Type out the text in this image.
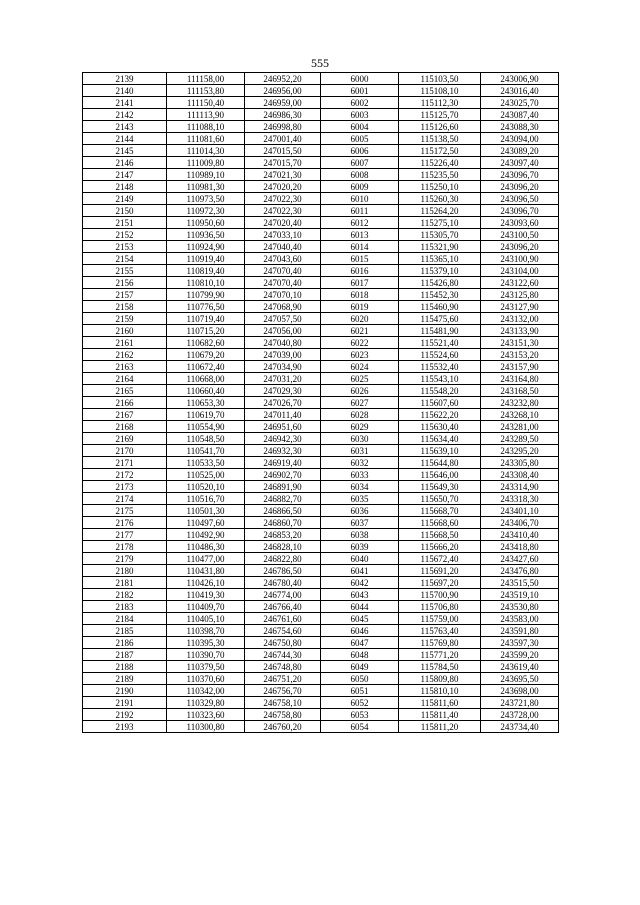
555
2139	111158,00	246952,20	6000	115103,50	243006,90
2140	111153,80	246956,00	6001	115108,10	243016,40
2141	111150,40	246959,00	6002	115112,30	243025,70
2142	111113,90	246986,30	6003	115125,70	243087,40
2143	111088,10	246998,80	6004	115126,60	243088,30
2144	111081,60	247001,40	6005	115138,50	243094,00
2145	111014,30	247015,50	6006	115172,50	243089,20
2146	111009,80	247015,70	6007	115226,40	243097,40
2147	110989,10	247021,30	6008	115235,50	243096,70
2148	110981,30	247020,20	6009	115250,10	243096,20
2149	110973,50	247022,30	6010	115260,30	243096,50
2150	110972,30	247022,30	6011	115264,20	243096,70
2151	110950,60	247020,40	6012	115275,10	243093,60
2152	110936,50	247033,10	6013	115305,70	243100,50
2153	110924,90	247040,40	6014	115321,90	243096,20
2154	110919,40	247043,60	6015	115365,10	243100,90
2155	110819,40	247070,40	6016	115379,10	243104,00
2156	110810,10	247070,40	6017	115426,80	243122,60
2157	110799,90	247070,10	6018	115452,30	243125,80
2158	110776,50	247068,90	6019	115460,90	243127,90
2159	110719,40	247057,50	6020	115475,60	243132,00
2160	110715,20	247056,00	6021	115481,90	243133,90
2161	110682,60	247040,80	6022	115521,40	243151,30
2162	110679,20	247039,00	6023	115524,60	243153,20
2163	110672,40	247034,90	6024	115532,40	243157,90
2164	110668,00	247031,20	6025	115543,10	243164,80
2165	110660,40	247029,30	6026	115548,20	243168,50
2166	110653,30	247026,70	6027	115607,60	243232,80
2167	110619,70	247011,40	6028	115622,20	243268,10
2168	110554,90	246951,60	6029	115630,40	243281,00
2169	110548,50	246942,30	6030	115634,40	243289,50
2170	110541,70	246932,30	6031	115639,10	243295,20
2171	110533,50	246919,40	6032	115644,80	243305,80
2172	110525,00	246902,70	6033	115646,00	243308,40
2173	110520,10	246891,90	6034	115649,30	243314,90
2174	110516,70	246882,70	6035	115650,70	243318,30
2175	110501,30	246866,50	6036	115668,70	243401,10
2176	110497,60	246860,70	6037	115668,60	243406,70
2177	110492,90	246853,20	6038	115668,50	243410,40
2178	110486,30	246828,10	6039	115666,20	243418,80
2179	110477,00	246822,80	6040	115672,40	243427,60
2180	110431,80	246786,50	6041	115691,20	243476,80
2181	110426,10	246780,40	6042	115697,20	243515,50
2182	110419,30	246774,00	6043	115700,90	243519,10
2183	110409,70	246766,40	6044	115706,80	243530,80
2184	110405,10	246761,60	6045	115759,00	243583,00
2185	110398,70	246754,60	6046	115763,40	243591,80
2186	110395,30	246750,80	6047	115769,80	243597,30
2187	110390,70	246744,30	6048	115771,20	243599,20
2188	110379,50	246748,80	6049	115784,50	243619,40
2189	110370,60	246751,20	6050	115809,80	243695,50
2190	110342,00	246756,70	6051	115810,10	243698,00
2191	110329,80	246758,10	6052	115811,60	243721,80
2192	110323,60	246758,80	6053	115811,40	243728,00
2193	110300,80	246760,20	6054	115811,20	243734,40
